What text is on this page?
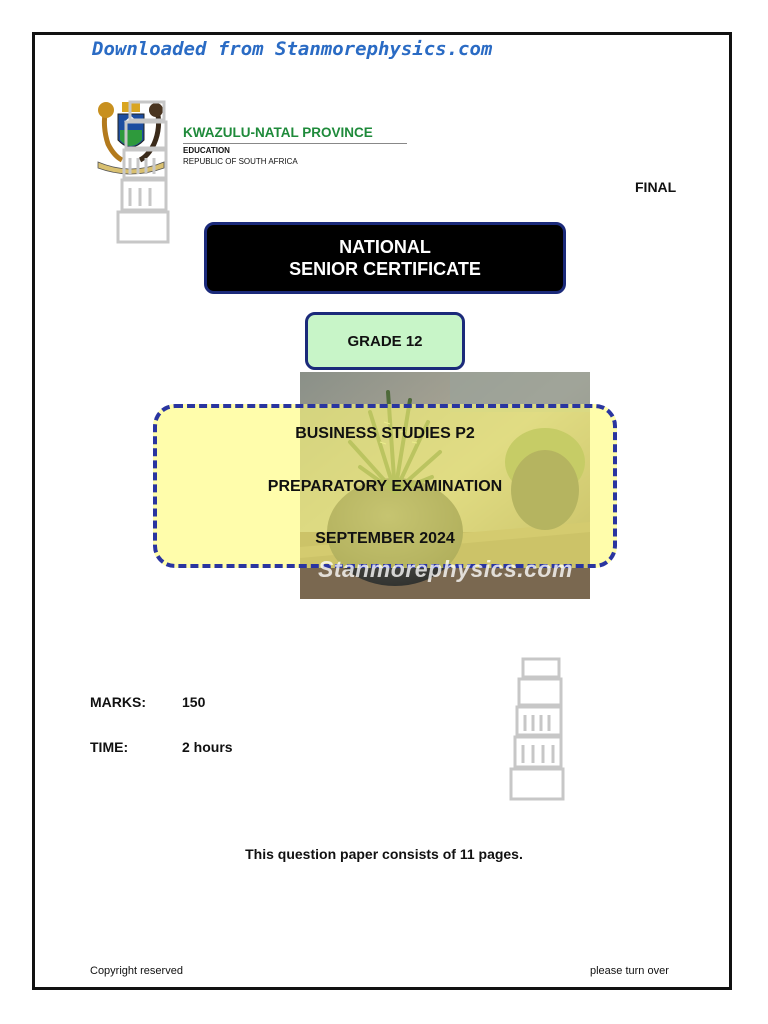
Downloaded from Stanmorephysics.com
KWAZULU-NATAL PROVINCE
EDUCATION
REPUBLIC OF SOUTH AFRICA
FINAL
NATIONAL
SENIOR CERTIFICATE
GRADE 12
BUSINESS STUDIES P2
PREPARATORY EXAMINATION
SEPTEMBER 2024
Stanmorephysics.com
MARKS:	150
TIME:	2 hours
This question paper consists of 11 pages.
Copyright reserved	please turn over
